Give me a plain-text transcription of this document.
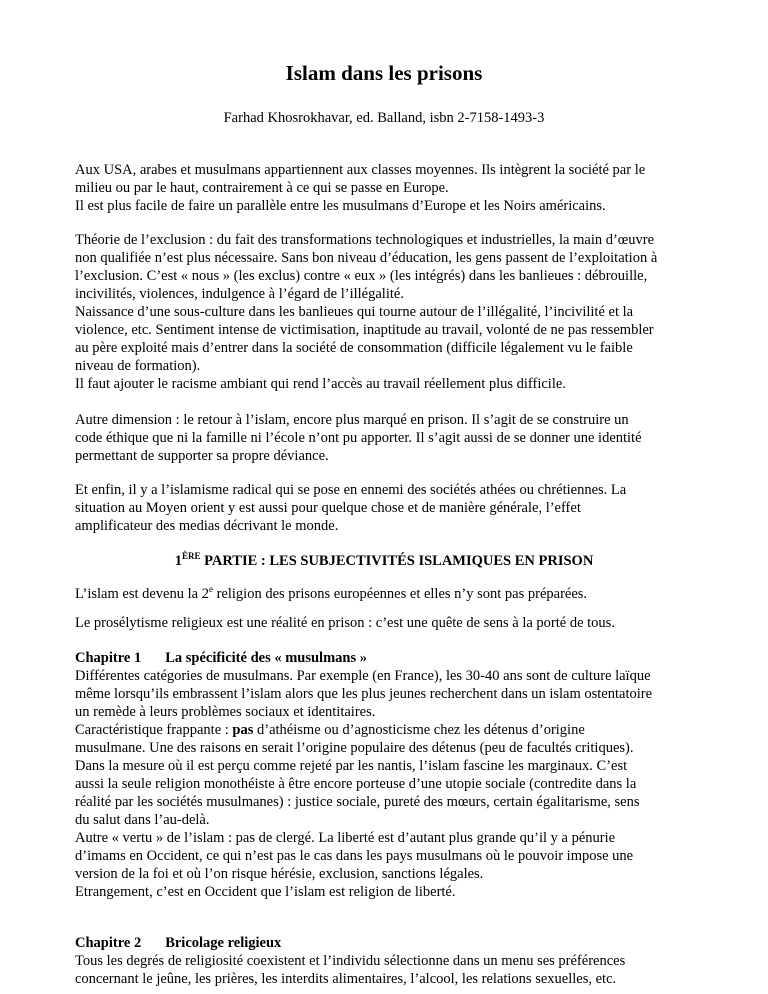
Islam dans les prisons
Farhad Khosrokhavar, ed. Balland, isbn 2-7158-1493-3
Aux USA, arabes et musulmans appartiennent aux classes moyennes. Ils intègrent la société par le
milieu ou par le haut, contrairement à ce qui se passe en Europe.
Il est plus facile de faire un parallèle entre les musulmans d’Europe et les Noirs américains.
Théorie de l’exclusion : du fait des transformations technologiques et industrielles, la main d’œuvre
non qualifiée n’est plus nécessaire. Sans bon niveau d’éducation, les gens passent de l’exploitation à
l’exclusion. C’est « nous » (les exclus) contre « eux » (les intégrés) dans les banlieues : débrouille,
incivilités, violences, indulgence à l’égard de l’illégalité.
Naissance d’une sous-culture dans les banlieues qui tourne autour de l’illégalité, l’incivilité et la
violence, etc. Sentiment intense de victimisation, inaptitude au travail, volonté de ne pas ressembler
au père exploité mais d’entrer dans la société de consommation (difficile légalement vu le faible
niveau de formation).
Il faut ajouter le racisme ambiant qui rend l’accès au travail réellement plus difficile.
Autre dimension : le retour à l’islam, encore plus marqué en prison. Il s’agit de se construire un
code éthique que ni la famille ni l’école n’ont pu apporter. Il s’agit aussi de se donner une identité
permettant de supporter sa propre déviance.
Et enfin, il y a l’islamisme radical qui se pose en ennemi des sociétés athées ou chrétiennes. La
situation au Moyen orient y est aussi pour quelque chose et de manière générale, l’effet
amplificateur des medias décrivant le monde.
1ÈRE PARTIE : LES SUBJECTIVITÉS ISLAMIQUES EN PRISON
L’islam est devenu la 2e religion des prisons européennes et elles n’y sont pas préparées.
Le prosélytisme religieux est une réalité en prison : c’est une quête de sens à la porté de tous.
Chapitre 1 La spécificité des « musulmans »
Différentes catégories de musulmans. Par exemple (en France), les 30-40 ans sont de culture laïque
même lorsqu’ils embrassent l’islam alors que les plus jeunes recherchent dans un islam ostentatoire
un remède à leurs problèmes sociaux et identitaires.
Caractéristique frappante : pas d’athéisme ou d’agnosticisme chez les détenus d’origine
musulmane. Une des raisons en serait l’origine populaire des détenus (peu de facultés critiques).
Dans la mesure où il est perçu comme rejeté par les nantis, l’islam fascine les marginaux. C’est
aussi la seule religion monothéiste à être encore porteuse d’une utopie sociale (contredite dans la
réalité par les sociétés musulmanes) : justice sociale, pureté des mœurs, certain égalitarisme, sens
du salut dans l’au-delà.
Autre « vertu » de l’islam : pas de clergé. La liberté est d’autant plus grande qu’il y a pénurie
d’imams en Occident, ce qui n’est pas le cas dans les pays musulmans où le pouvoir impose une
version de la foi et où l’on risque hérésie, exclusion, sanctions légales.
Etrangement, c’est en Occident que l’islam est religion de liberté.
Chapitre 2 Bricolage religieux
Tous les degrés de religiosité coexistent et l’individu sélectionne dans un menu ses préférences
concernant le jeûne, les prières, les interdits alimentaires, l’alcool, les relations sexuelles, etc.
